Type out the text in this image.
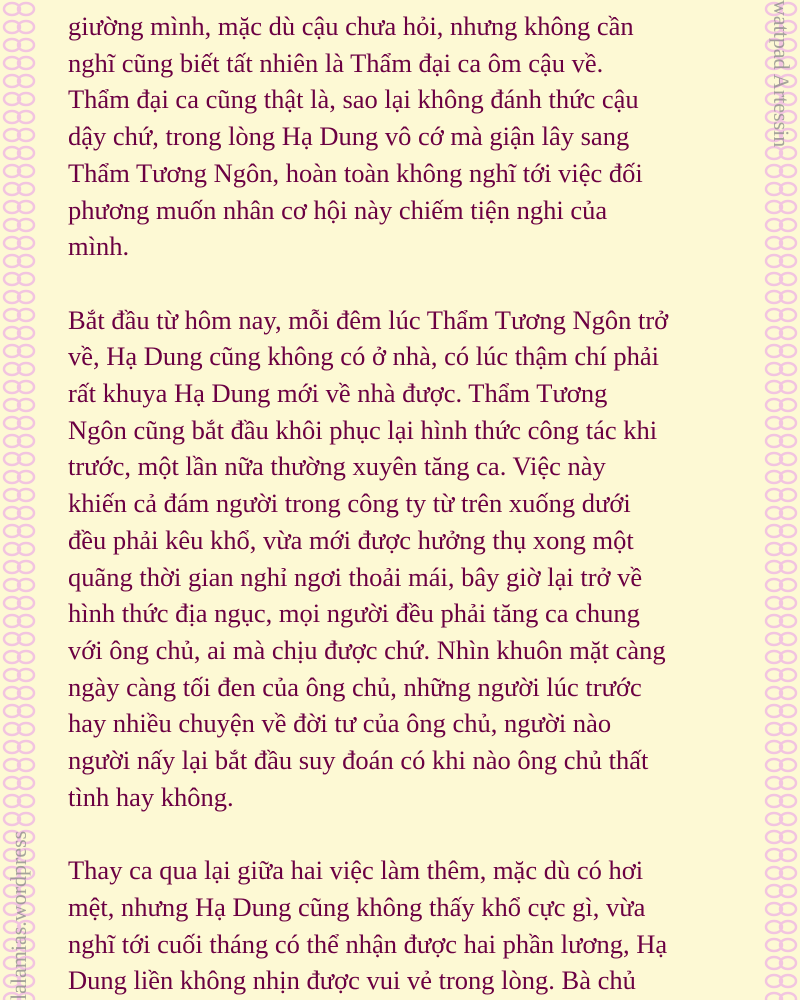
wattpad Artessin
lalamias.wordpress

giường mình, mặc dù cậu chưa hỏi, nhưng không cần
nghĩ cũng biết tất nhiên là Thẩm đại ca ôm cậu về.
Thẩm đại ca cũng thật là, sao lại không đánh thức cậu
dậy chứ, trong lòng Hạ Dung vô cớ mà giận lây sang
Thẩm Tương Ngôn, hoàn toàn không nghĩ tới việc đối
phương muốn nhân cơ hội này chiếm tiện nghi của
mình.

Bắt đầu từ hôm nay, mỗi đêm lúc Thẩm Tương Ngôn trở
về, Hạ Dung cũng không có ở nhà, có lúc thậm chí phải
rất khuya Hạ Dung mới về nhà được. Thẩm Tương
Ngôn cũng bắt đầu khôi phục lại hình thức công tác khi
trước, một lần nữa thường xuyên tăng ca. Việc này
khiến cả đám người trong công ty từ trên xuống dưới
đều phải kêu khổ, vừa mới được hưởng thụ xong một
quãng thời gian nghỉ ngơi thoải mái, bây giờ lại trở về
hình thức địa ngục, mọi người đều phải tăng ca chung
với ông chủ, ai mà chịu được chứ. Nhìn khuôn mặt càng
ngày càng tối đen của ông chủ, những người lúc trước
hay nhiều chuyện về đời tư của ông chủ, người nào
người nấy lại bắt đầu suy đoán có khi nào ông chủ thất
tình hay không.

Thay ca qua lại giữa hai việc làm thêm, mặc dù có hơi
mệt, nhưng Hạ Dung cũng không thấy khổ cực gì, vừa
nghĩ tới cuối tháng có thể nhận được hai phần lương, Hạ
Dung liền không nhịn được vui vẻ trong lòng. Bà chủ
